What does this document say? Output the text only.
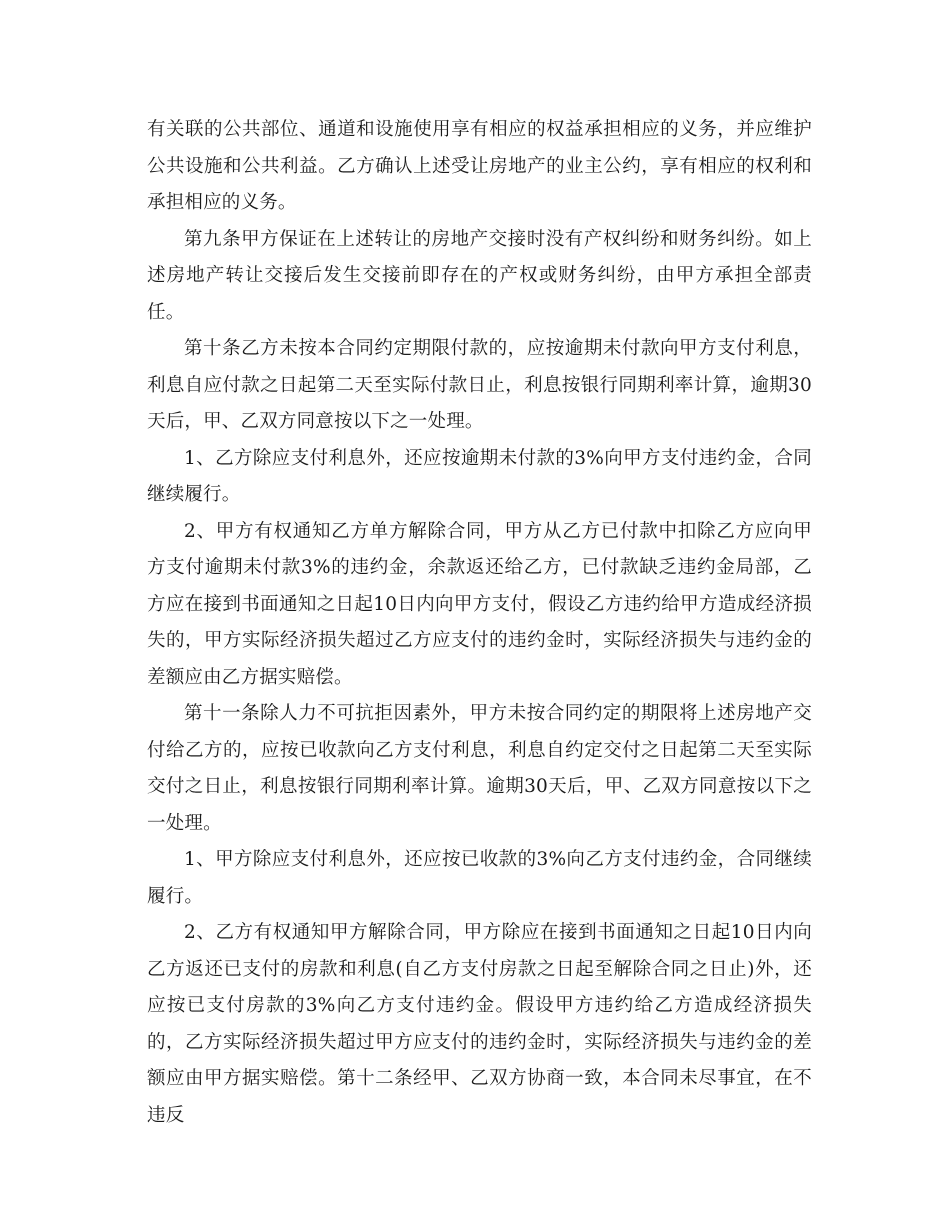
有关联的公共部位、通道和设施使用享有相应的权益承担相应的义务，并应维护公共设施和公共利益。乙方确认上述受让房地产的业主公约，享有相应的权利和承担相应的义务。

第九条甲方保证在上述转让的房地产交接时没有产权纠纷和财务纠纷。如上述房地产转让交接后发生交接前即存在的产权或财务纠纷，由甲方承担全部责任。

第十条乙方未按本合同约定期限付款的，应按逾期未付款向甲方支付利息，利息自应付款之日起第二天至实际付款日止，利息按银行同期利率计算，逾期30天后，甲、乙双方同意按以下之一处理。

1、乙方除应支付利息外，还应按逾期未付款的3%向甲方支付违约金，合同继续履行。

2、甲方有权通知乙方单方解除合同，甲方从乙方已付款中扣除乙方应向甲方支付逾期未付款3%的违约金，余款返还给乙方，已付款缺乏违约金局部，乙方应在接到书面通知之日起10日内向甲方支付，假设乙方违约给甲方造成经济损失的，甲方实际经济损失超过乙方应支付的违约金时，实际经济损失与违约金的差额应由乙方据实赔偿。

第十一条除人力不可抗拒因素外，甲方未按合同约定的期限将上述房地产交付给乙方的，应按已收款向乙方支付利息，利息自约定交付之日起第二天至实际交付之日止，利息按银行同期利率计算。逾期30天后，甲、乙双方同意按以下之一处理。

1、甲方除应支付利息外，还应按已收款的3%向乙方支付违约金，合同继续履行。

2、乙方有权通知甲方解除合同，甲方除应在接到书面通知之日起10日内向乙方返还已支付的房款和利息(自乙方支付房款之日起至解除合同之日止)外，还应按已支付房款的3%向乙方支付违约金。假设甲方违约给乙方造成经济损失的，乙方实际经济损失超过甲方应支付的违约金时，实际经济损失与违约金的差额应由甲方据实赔偿。第十二条经甲、乙双方协商一致，本合同未尽事宜，在不违反
